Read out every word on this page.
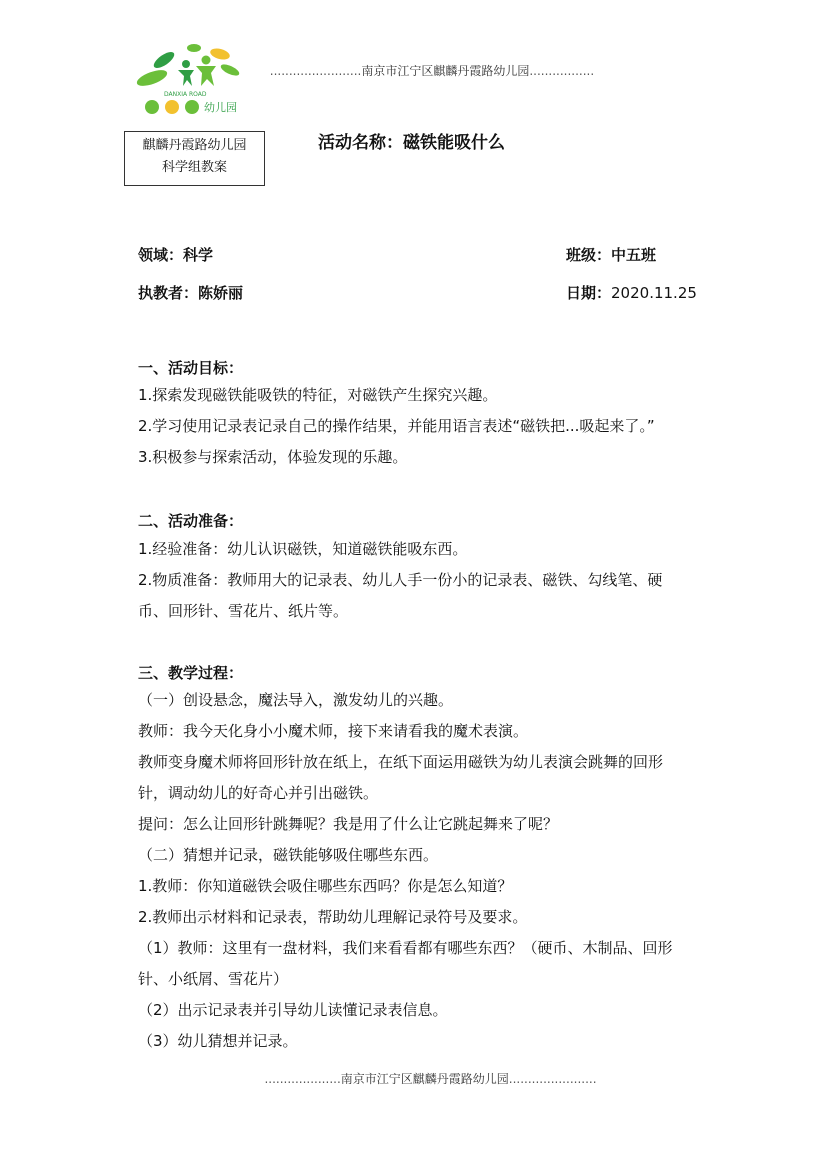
DANXIA ROAD
幼儿园
........................南京市江宁区麒麟丹霞路幼儿园.................
麒麟丹霞路幼儿园
科学组教案
活动名称：磁铁能吸什么
领域：科学	班级：中五班
执教者：陈娇丽	日期：2020.11.25
一、活动目标：
1.探索发现磁铁能吸铁的特征，对磁铁产生探究兴趣。
2.学习使用记录表记录自己的操作结果，并能用语言表述“磁铁把...吸起来了。”
3.积极参与探索活动，体验发现的乐趣。
二、活动准备：
1.经验准备：幼儿认识磁铁，知道磁铁能吸东西。
2.物质准备：教师用大的记录表、幼儿人手一份小的记录表、磁铁、勾线笔、硬
币、回形针、雪花片、纸片等。
三、教学过程：
（一）创设悬念，魔法导入，激发幼儿的兴趣。
教师：我今天化身小小魔术师，接下来请看我的魔术表演。
教师变身魔术师将回形针放在纸上，在纸下面运用磁铁为幼儿表演会跳舞的回形
针，调动幼儿的好奇心并引出磁铁。
提问：怎么让回形针跳舞呢？我是用了什么让它跳起舞来了呢？
（二）猜想并记录，磁铁能够吸住哪些东西。
1.教师：你知道磁铁会吸住哪些东西吗？你是怎么知道？
2.教师出示材料和记录表，帮助幼儿理解记录符号及要求。
（1）教师：这里有一盘材料，我们来看看都有哪些东西？（硬币、木制品、回形
针、小纸屑、雪花片）
（2）出示记录表并引导幼儿读懂记录表信息。
（3）幼儿猜想并记录。
....................南京市江宁区麒麟丹霞路幼儿园.......................
